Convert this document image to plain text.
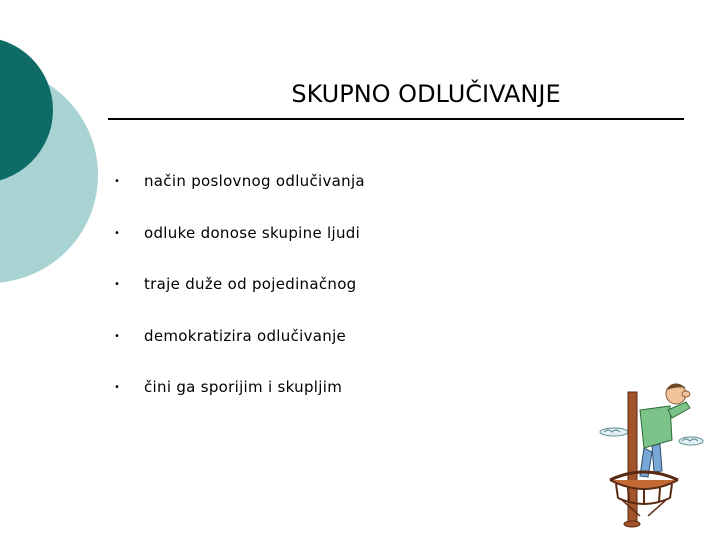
SKUPNO ODLUČIVANJE
•	način poslovnog odlučivanja
•	odluke donose skupine ljudi
•	traje duže od pojedinačnog
•	demokratizira odlučivanje
•	čini ga sporijim i skupljim
